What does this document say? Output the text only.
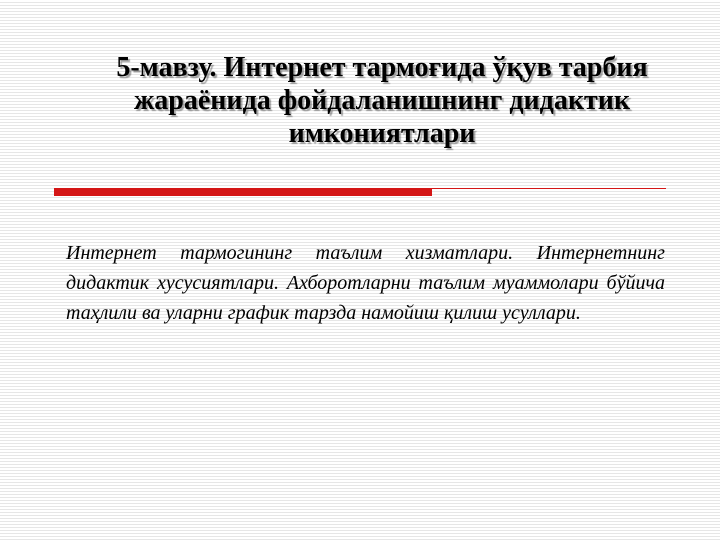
5-мавзу. Интернет тармоғида ўқув тарбия
жараёнида фойдаланишнинг дидактик
имкониятлари

Интернет тармогининг таълим хизматлари. Интернетнинг дидактик хусусиятлари. Ахборотларни таълим муаммолари бўйича таҳлили ва уларни график тарзда намойиш қилиш усуллари.
